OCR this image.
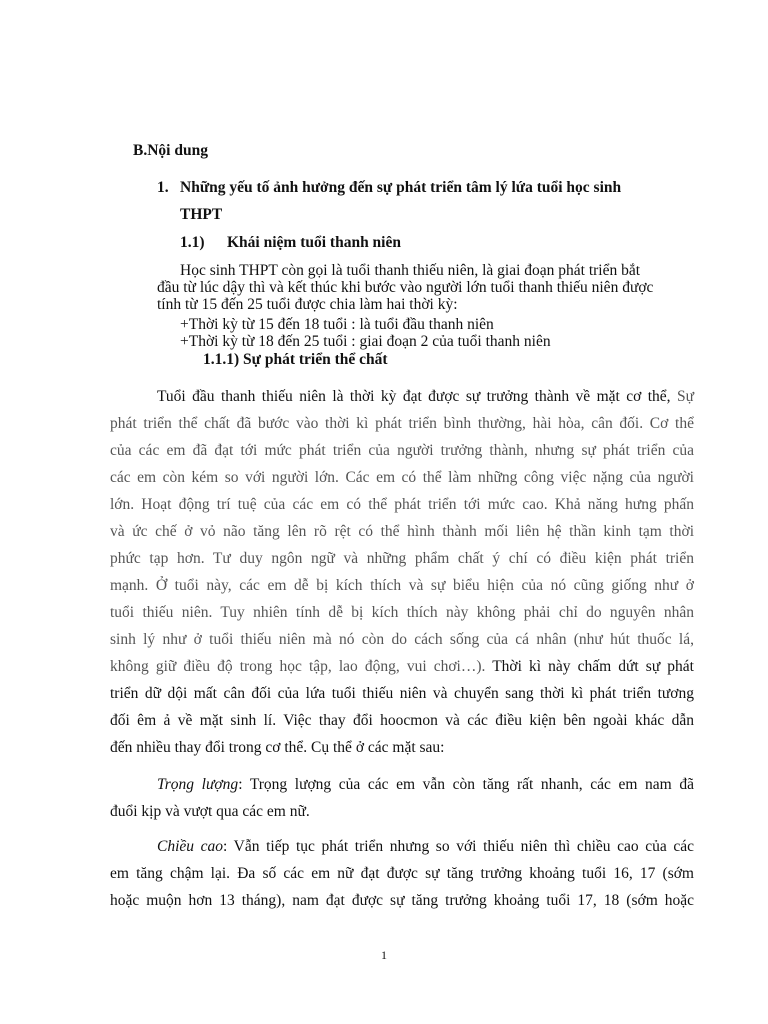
B.Nội dung
1. Những yếu tố ảnh hưởng đến sự phát triển tâm lý lứa tuổi học sinh
THPT
1.1) Khái niệm tuổi thanh niên
Học sinh THPT còn gọi là tuổi thanh thiếu niên, là giai đoạn phát triển bắt
đầu từ lúc dậy thì và kết thúc khi bước vào người lớn tuổi thanh thiếu niên được
tính từ 15 đến 25 tuổi được chia làm hai thời kỳ:
+Thời kỳ từ 15 đến 18 tuổi : là tuổi đầu thanh niên
+Thời kỳ từ 18 đến 25 tuổi : giai đoạn 2 của tuổi thanh niên
1.1.1) Sự phát triển thể chất
Tuổi đầu thanh thiếu niên là thời kỳ đạt được sự trưởng thành về mặt cơ thể, Sự
phát triển thể chất đã bước vào thời kì phát triển bình thường, hài hòa, cân đối. Cơ thể
của các em đã đạt tới mức phát triển của người trưởng thành, nhưng sự phát triển của
các em còn kém so với người lớn. Các em có thể làm những công việc nặng của người
lớn. Hoạt động trí tuệ của các em có thể phát triển tới mức cao. Khả năng hưng phấn
và ức chế ở vỏ não tăng lên rõ rệt có thể hình thành mối liên hệ thần kinh tạm thời
phức tạp hơn. Tư duy ngôn ngữ và những phẩm chất ý chí có điều kiện phát triển
mạnh. Ở tuổi này, các em dễ bị kích thích và sự biểu hiện của nó cũng giống như ở
tuổi thiếu niên. Tuy nhiên tính dễ bị kích thích này không phải chỉ do nguyên nhân
sinh lý như ở tuổi thiếu niên mà nó còn do cách sống của cá nhân (như hút thuốc lá,
không giữ điều độ trong học tập, lao động, vui chơi…). Thời kì này chấm dứt sự phát
triển dữ dội mất cân đối của lứa tuổi thiếu niên và chuyển sang thời kì phát triển tương
đối êm ả về mặt sinh lí. Việc thay đổi hoocmon và các điều kiện bên ngoài khác dẫn
đến nhiều thay đổi trong cơ thể. Cụ thể ở các mặt sau:
Trọng lượng: Trọng lượng của các em vẫn còn tăng rất nhanh, các em nam đã
đuổi kịp và vượt qua các em nữ.
Chiều cao: Vẫn tiếp tục phát triển nhưng so với thiếu niên thì chiều cao của các
em tăng chậm lại. Đa số các em nữ đạt được sự tăng trưởng khoảng tuổi 16, 17 (sớm
hoặc muộn hơn 13 tháng), nam đạt được sự tăng trưởng khoảng tuổi 17, 18 (sớm hoặc
1
